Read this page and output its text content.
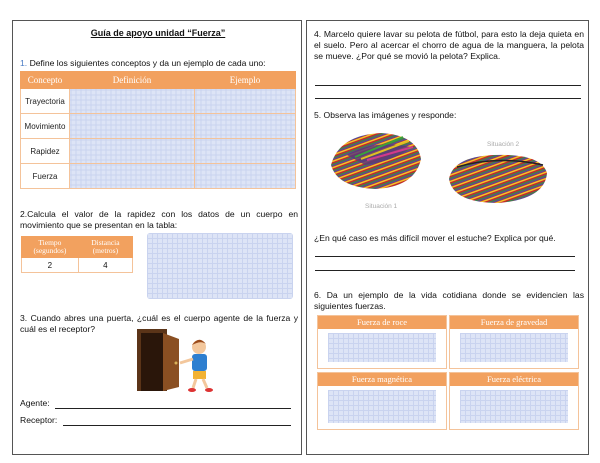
Guía de apoyo unidad “Fuerza”
1. Define los siguientes conceptos y da un ejemplo de cada uno:
Concepto	Definición	Ejemplo
Trayectoria		
Movimiento		
Rapidez		
Fuerza		
2.Calcula el valor de la rapidez con los datos de un cuerpo en movimiento que se presentan en la tabla:
Tiempo (segundos)	Distancia (metros)
2	4
3. Cuando abres una puerta, ¿cuál es el cuerpo agente de la fuerza y cuál es el receptor?
Agente:
Receptor:
4. Marcelo quiere lavar su pelota de fútbol, para esto la deja quieta en el suelo. Pero al acercar el chorro de agua de la manguera, la pelota se mueve. ¿Por qué se movió la pelota? Explica.
5. Observa las imágenes y responde:
Situación 1
Situación 2
¿En qué caso es más difícil mover el estuche? Explica por qué.
6. Da un ejemplo de la vida cotidiana donde se evidencien las siguientes fuerzas.
Fuerza de roce	Fuerza de gravedad
Fuerza magnética	Fuerza eléctrica
